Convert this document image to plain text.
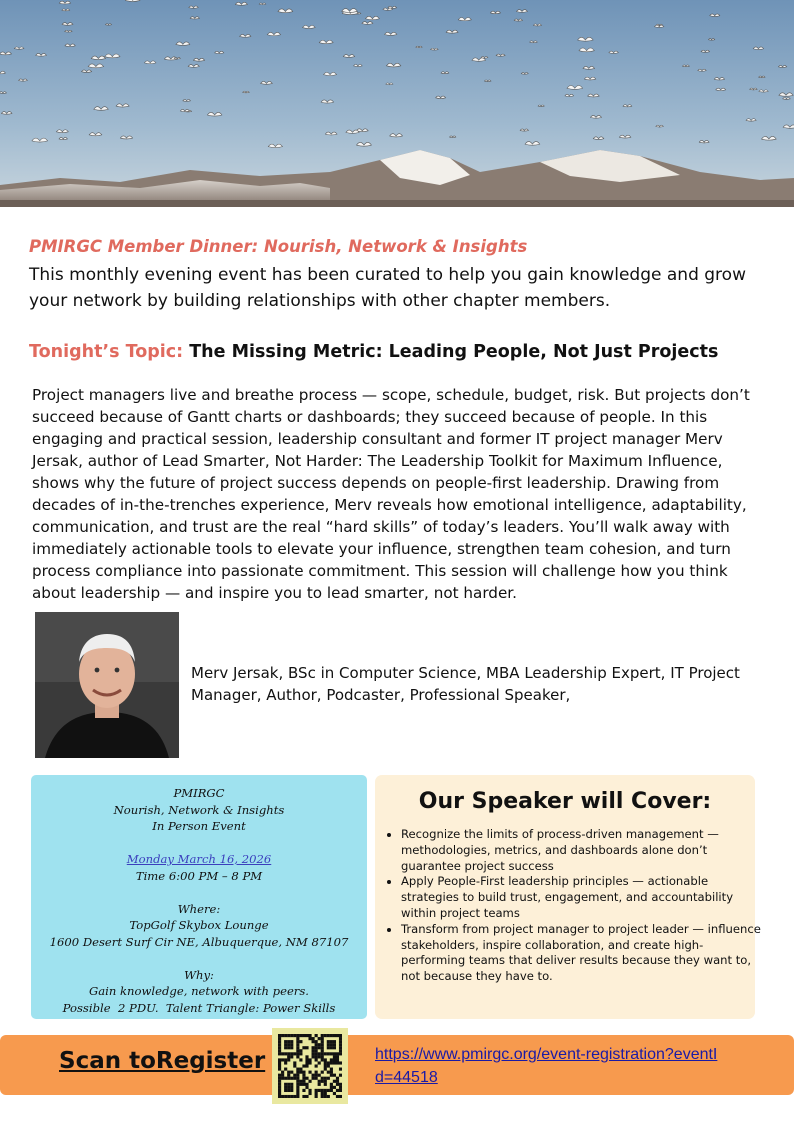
PMIRGC Member Dinner: Nourish, Network & Insights
This monthly evening event has been curated to help you gain knowledge and grow your network by building relationships with other chapter members.
Tonight’s Topic: The Missing Metric: Leading People, Not Just Projects
Project managers live and breathe process — scope, schedule, budget, risk. But projects don’t succeed because of Gantt charts or dashboards; they succeed because of people. In this engaging and practical session, leadership consultant and former IT project manager Merv Jersak, author of Lead Smarter, Not Harder: The Leadership Toolkit for Maximum Influence, shows why the future of project success depends on people-first leadership. Drawing from decades of in-the-trenches experience, Merv reveals how emotional intelligence, adaptability, communication, and trust are the real “hard skills” of today’s leaders. You’ll walk away with immediately actionable tools to elevate your influence, strengthen team cohesion, and turn process compliance into passionate commitment. This session will challenge how you think about leadership — and inspire you to lead smarter, not harder.
Merv Jersak, BSc in Computer Science, MBA Leadership Expert, IT Project Manager, Author, Podcaster, Professional Speaker,
PMIRGC
Nourish, Network & Insights
In Person Event
Monday March 16, 2026
Time 6:00 PM – 8 PM
Where:
TopGolf Skybox Lounge
1600 Desert Surf Cir NE, Albuquerque, NM 87107
Why:
Gain knowledge, network with peers.
Possible  2 PDU.  Talent Triangle: Power Skills
Our Speaker will Cover:
• Recognize the limits of process-driven management — methodologies, metrics, and dashboards alone don’t guarantee project success
• Apply People-First leadership principles — actionable strategies to build trust, engagement, and accountability within project teams
• Transform from project manager to project leader — influence stakeholders, inspire collaboration, and create high-performing teams that deliver results because they want to, not because they have to.
Scan toRegister	https://www.pmirgc.org/event-registration?eventId=44518
